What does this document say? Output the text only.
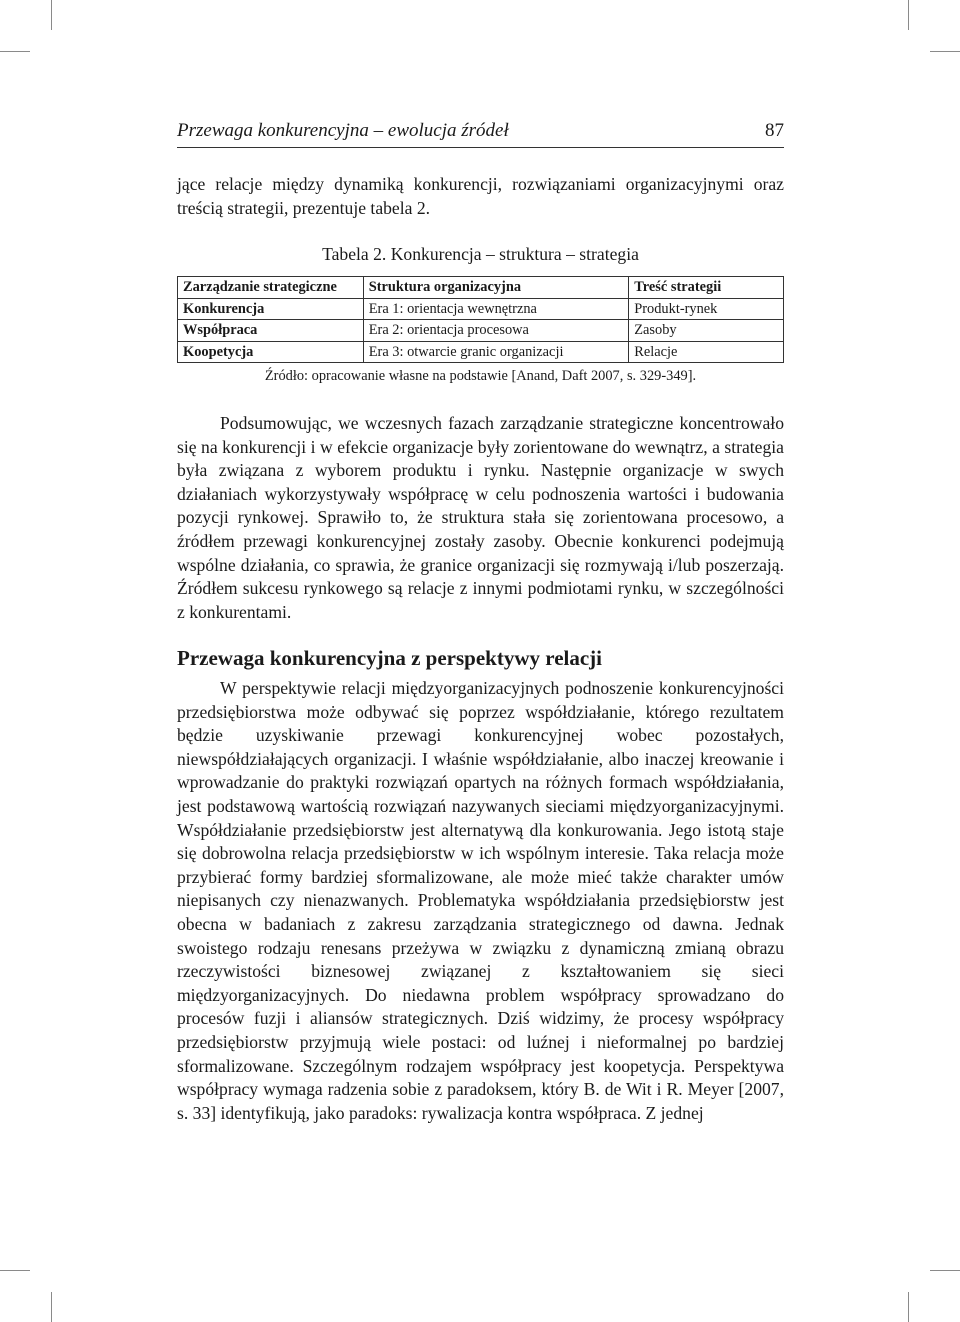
Przewaga konkurencyjna – ewolucja źródeł	87

jące relacje między dynamiką konkurencji, rozwiązaniami organizacyjnymi oraz treścią strategii, prezentuje tabela 2.

Tabela 2. Konkurencja – struktura – strategia
Zarządzanie strategiczne	Struktura organizacyjna	Treść strategii
Konkurencja	Era 1: orientacja wewnętrzna	Produkt-rynek
Współpraca	Era 2: orientacja procesowa	Zasoby
Koopetycja	Era 3: otwarcie granic organizacji	Relacje
Źródło: opracowanie własne na podstawie [Anand, Daft 2007, s. 329-349].

Podsumowując, we wczesnych fazach zarządzanie strategiczne koncentrowało się na konkurencji i w efekcie organizacje były zorientowane do wewnątrz, a strategia była związana z wyborem produktu i rynku. Następnie organizacje w swych działaniach wykorzystywały współpracę w celu podnoszenia wartości i budowania pozycji rynkowej. Sprawiło to, że struktura stała się zorientowana procesowo, a źródłem przewagi konkurencyjnej zostały zasoby. Obecnie konkurenci podejmują wspólne działania, co sprawia, że granice organizacji się rozmywają i/lub poszerzają. Źródłem sukcesu rynkowego są relacje z innymi podmiotami rynku, w szczególności z konkurentami.

Przewaga konkurencyjna z perspektywy relacji

W perspektywie relacji międzyorganizacyjnych podnoszenie konkurencyjności przedsiębiorstwa może odbywać się poprzez współdziałanie, którego rezultatem będzie uzyskiwanie przewagi konkurencyjnej wobec pozostałych, niewspółdziałających organizacji. I właśnie współdziałanie, albo inaczej kreowanie i wprowadzanie do praktyki rozwiązań opartych na różnych formach współdziałania, jest podstawową wartością rozwiązań nazywanych sieciami międzyorganizacyjnymi. Współdziałanie przedsiębiorstw jest alternatywą dla konkurowania. Jego istotą staje się dobrowolna relacja przedsiębiorstw w ich wspólnym interesie. Taka relacja może przybierać formy bardziej sformalizowane, ale może mieć także charakter umów niepisanych czy nienazwanych. Problematyka współdziałania przedsiębiorstw jest obecna w badaniach z zakresu zarządzania strategicznego od dawna. Jednak swoistego rodzaju renesans przeżywa w związku z dynamiczną zmianą obrazu rzeczywistości biznesowej związanej z kształtowaniem się sieci międzyorganizacyjnych. Do niedawna problem współpracy sprowadzano do procesów fuzji i aliansów strategicznych. Dziś widzimy, że procesy współpracy przedsiębiorstw przyjmują wiele postaci: od luźnej i nieformalnej po bardziej sformalizowane. Szczególnym rodzajem współpracy jest koopetycja. Perspektywa współpracy wymaga radzenia sobie z paradoksem, który B. de Wit i R. Meyer [2007, s. 33] identyfikują, jako paradoks: rywalizacja kontra współpraca. Z jednej
